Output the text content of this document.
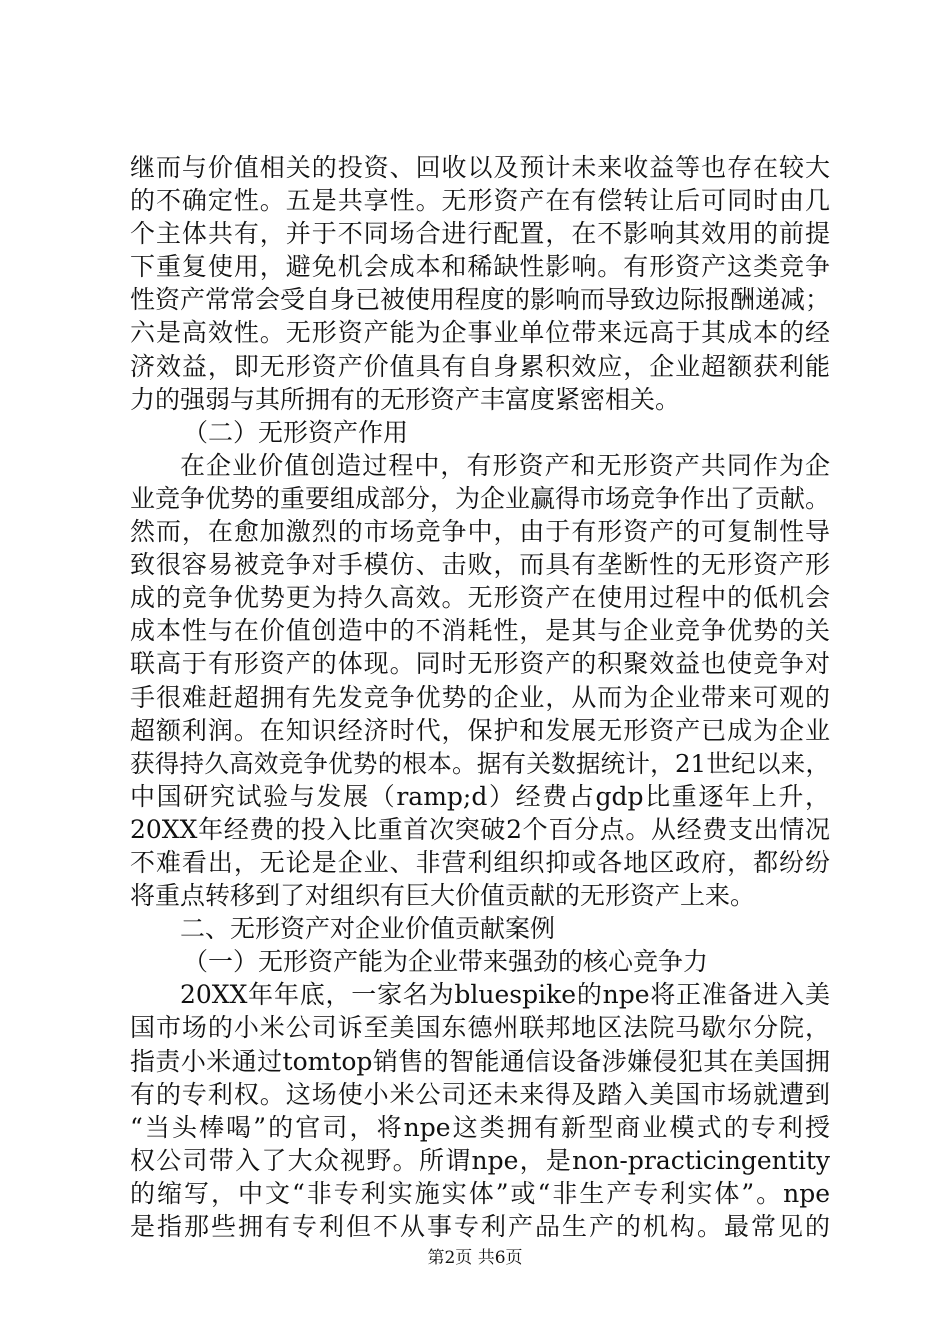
继而与价值相关的投资、回收以及预计未来收益等也存在较大
的不确定性。五是共享性。无形资产在有偿转让后可同时由几
个主体共有，并于不同场合进行配置，在不影响其效用的前提
下重复使用，避免机会成本和稀缺性影响。有形资产这类竞争
性资产常常会受自身已被使用程度的影响而导致边际报酬递减；
六是高效性。无形资产能为企事业单位带来远高于其成本的经
济效益，即无形资产价值具有自身累积效应，企业超额获利能
力的强弱与其所拥有的无形资产丰富度紧密相关。
（二）无形资产作用
在企业价值创造过程中，有形资产和无形资产共同作为企
业竞争优势的重要组成部分，为企业赢得市场竞争作出了贡献。
然而，在愈加激烈的市场竞争中，由于有形资产的可复制性导
致很容易被竞争对手模仿、击败，而具有垄断性的无形资产形
成的竞争优势更为持久高效。无形资产在使用过程中的低机会
成本性与在价值创造中的不消耗性，是其与企业竞争优势的关
联高于有形资产的体现。同时无形资产的积聚效益也使竞争对
手很难赶超拥有先发竞争优势的企业，从而为企业带来可观的
超额利润。在知识经济时代，保护和发展无形资产已成为企业
获得持久高效竞争优势的根本。据有关数据统计，21世纪以来，
中国研究试验与发展（ramp;d）经费占gdp比重逐年上升，
20XX年经费的投入比重首次突破2个百分点。从经费支出情况
不难看出，无论是企业、非营利组织抑或各地区政府，都纷纷
将重点转移到了对组织有巨大价值贡献的无形资产上来。
二、无形资产对企业价值贡献案例
（一）无形资产能为企业带来强劲的核心竞争力
20XX年年底，一家名为bluespike的npe将正准备进入美
国市场的小米公司诉至美国东德州联邦地区法院马歇尔分院，
指责小米通过tomtop销售的智能通信设备涉嫌侵犯其在美国拥
有的专利权。这场使小米公司还未来得及踏入美国市场就遭到
“当头棒喝”的官司，将npe这类拥有新型商业模式的专利授
权公司带入了大众视野。所谓npe，是non-practicingentity
的缩写，中文“非专利实施实体”或“非生产专利实体”。npe
是指那些拥有专利但不从事专利产品生产的机构。最常见的
第2页 共6页
